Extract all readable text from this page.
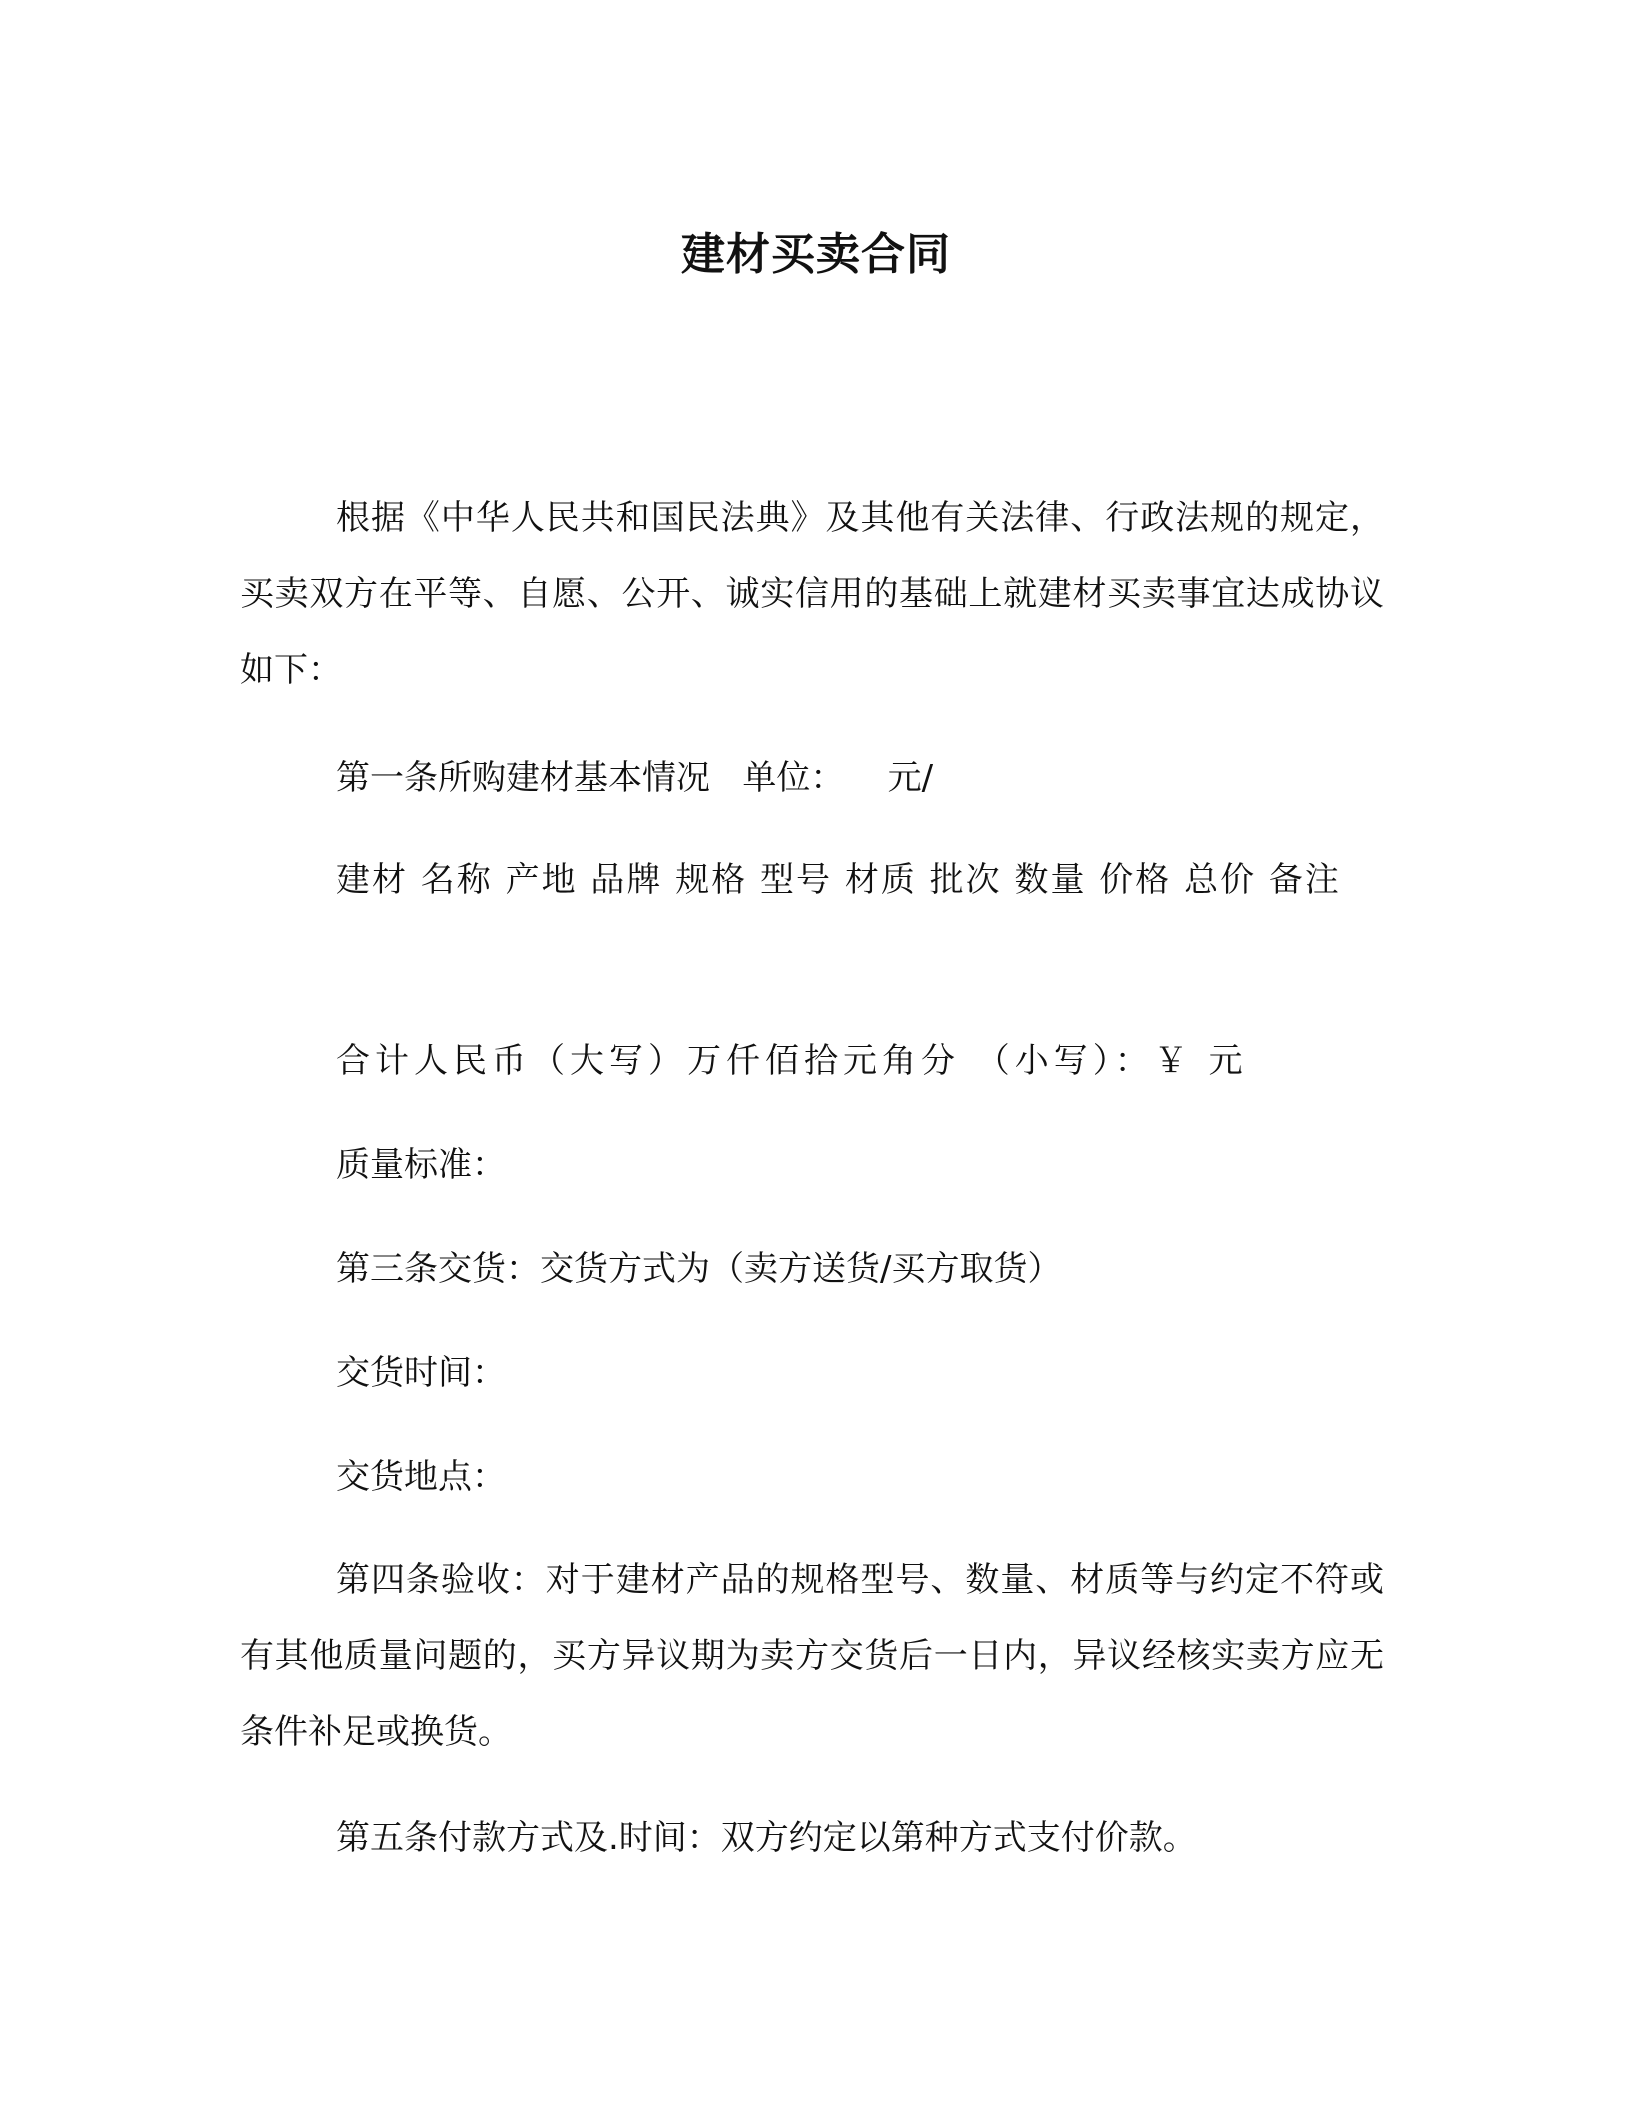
建材买卖合同

根据《中华人民共和国民法典》及其他有关法律、行政法规的规定，买卖双方在平等、自愿、公开、诚实信用的基础上就建材买卖事宜达成协议如下：

第一条所购建材基本情况   单位：    元/

建材 名称 产地 品牌 规格 型号 材质 批次 数量 价格 总价 备注

合计人民币（大写）万仟佰拾元角分 （小写）：￥ 元

质量标准：

第三条交货：交货方式为（卖方送货/买方取货）

交货时间：

交货地点：

第四条验收：对于建材产品的规格型号、数量、材质等与约定不符或有其他质量问题的，买方异议期为卖方交货后一日内，异议经核实卖方应无条件补足或换货。

第五条付款方式及.时间：双方约定以第种方式支付价款。
